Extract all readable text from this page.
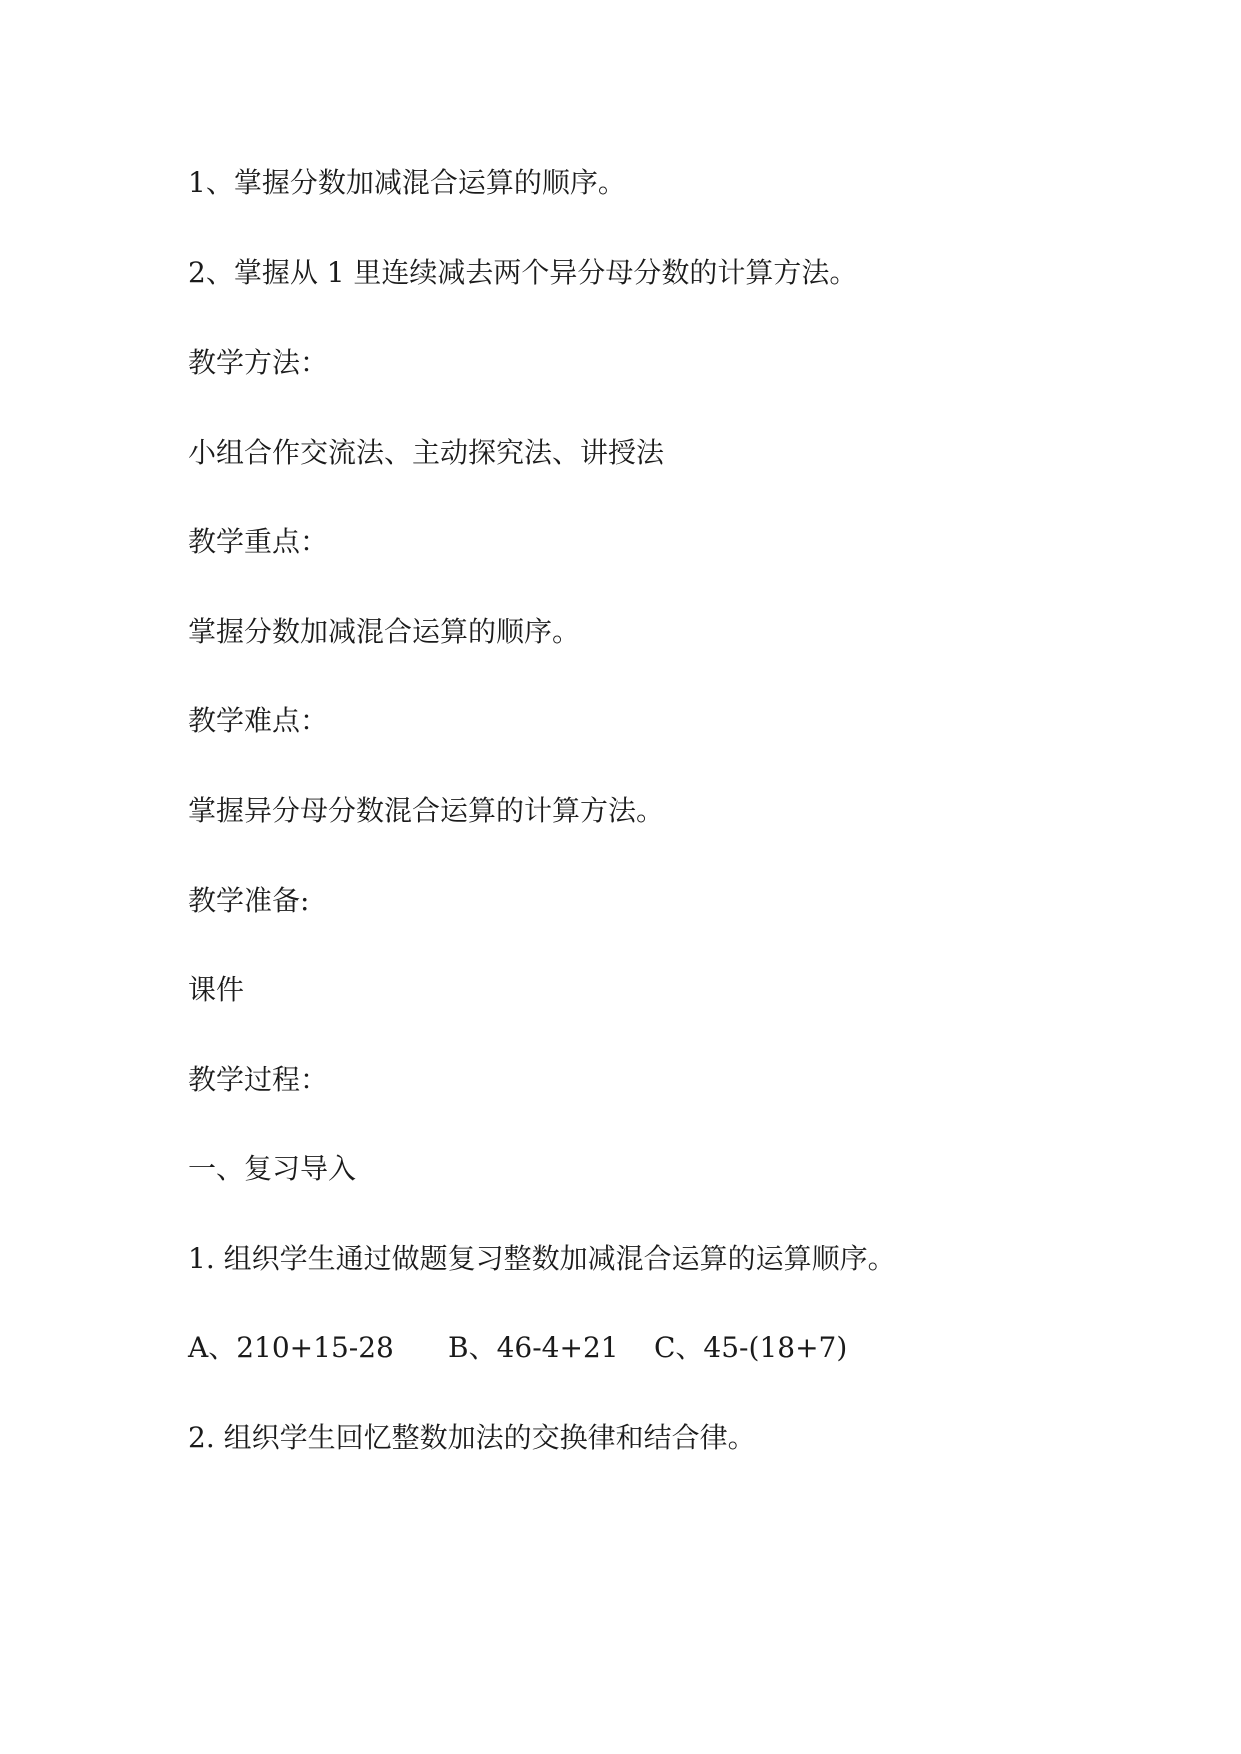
1、掌握分数加减混合运算的顺序。

2、掌握从 1 里连续减去两个异分母分数的计算方法。

教学方法：

小组合作交流法、主动探究法、讲授法

教学重点：

掌握分数加减混合运算的顺序。

教学难点：

掌握异分母分数混合运算的计算方法。

教学准备:

课件

教学过程：

一、复习导入

1. 组织学生通过做题复习整数加减混合运算的运算顺序。

A、210+15-28 B、46-4+21 C、45-(18+7)

2. 组织学生回忆整数加法的交换律和结合律。
